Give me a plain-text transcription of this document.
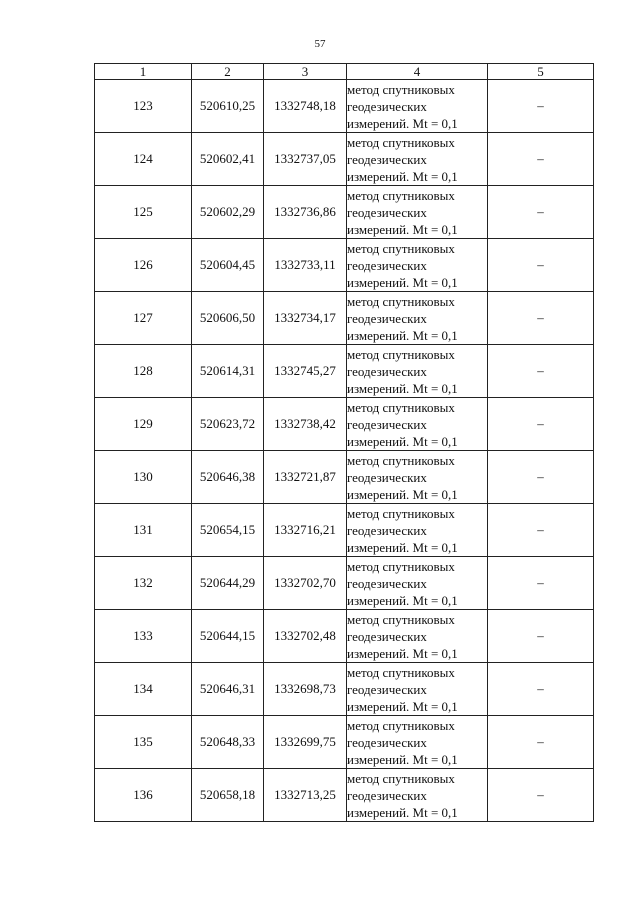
57
1	2	3	4	5
123	520610,25	1332748,18	метод спутниковых
геодезических
измерений. Mt = 0,1	–
124	520602,41	1332737,05	метод спутниковых
геодезических
измерений. Mt = 0,1	–
125	520602,29	1332736,86	метод спутниковых
геодезических
измерений. Mt = 0,1	–
126	520604,45	1332733,11	метод спутниковых
геодезических
измерений. Mt = 0,1	–
127	520606,50	1332734,17	метод спутниковых
геодезических
измерений. Mt = 0,1	–
128	520614,31	1332745,27	метод спутниковых
геодезических
измерений. Mt = 0,1	–
129	520623,72	1332738,42	метод спутниковых
геодезических
измерений. Mt = 0,1	–
130	520646,38	1332721,87	метод спутниковых
геодезических
измерений. Mt = 0,1	–
131	520654,15	1332716,21	метод спутниковых
геодезических
измерений. Mt = 0,1	–
132	520644,29	1332702,70	метод спутниковых
геодезических
измерений. Mt = 0,1	–
133	520644,15	1332702,48	метод спутниковых
геодезических
измерений. Mt = 0,1	–
134	520646,31	1332698,73	метод спутниковых
геодезических
измерений. Mt = 0,1	–
135	520648,33	1332699,75	метод спутниковых
геодезических
измерений. Mt = 0,1	–
136	520658,18	1332713,25	метод спутниковых
геодезических
измерений. Mt = 0,1	–
